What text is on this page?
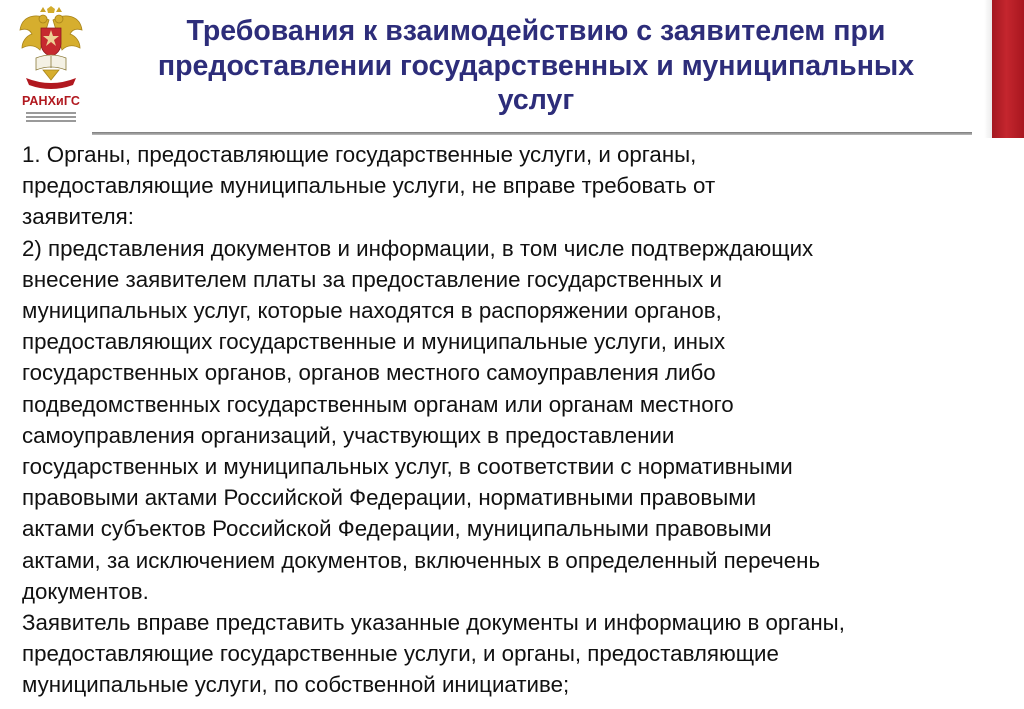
РАНХиГС
Требования к взаимодействию с заявителем при
предоставлении государственных и муниципальных
услуг

1. Органы, предоставляющие государственные услуги, и органы,
предоставляющие муниципальные услуги, не вправе требовать от
заявителя:

2) представления документов и информации, в том числе подтверждающих
внесение заявителем платы за предоставление государственных и
муниципальных услуг, которые находятся в распоряжении органов,
предоставляющих государственные и муниципальные услуги, иных
государственных органов, органов местного самоуправления либо
подведомственных государственным органам или органам местного
самоуправления организаций, участвующих в предоставлении
государственных и муниципальных услуг, в соответствии с нормативными
правовыми актами Российской Федерации, нормативными правовыми
актами субъектов Российской Федерации, муниципальными правовыми
актами, за исключением документов, включенных в определенный перечень
документов.

Заявитель вправе представить указанные документы и информацию в органы,
предоставляющие государственные услуги, и органы, предоставляющие
муниципальные услуги, по собственной инициативе;
